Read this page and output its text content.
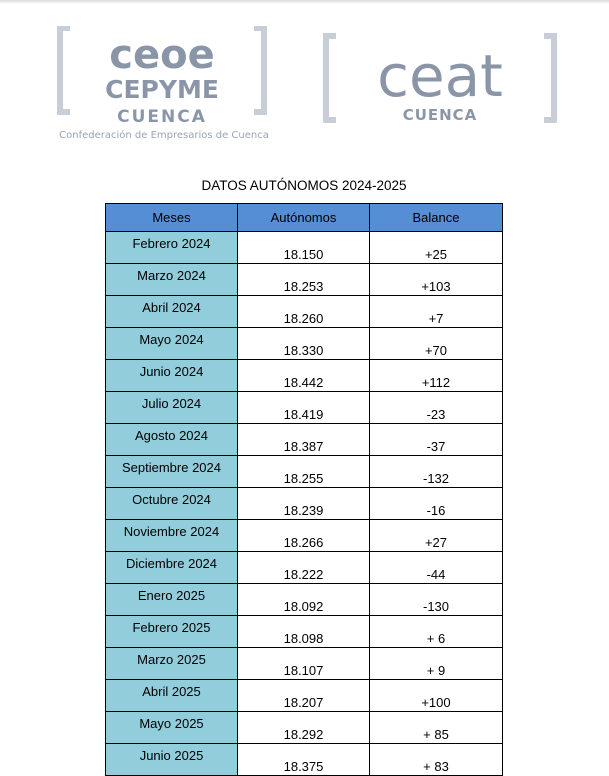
ceoe
CEPYME
CUENCA
Confederación de Empresarios de Cuenca
ceat
CUENCA
DATOS AUTÓNOMOS 2024-2025
Meses	Autónomos	Balance
Febrero 2024	18.150	+25
Marzo 2024	18.253	+103
Abril 2024	18.260	+7
Mayo 2024	18.330	+70
Junio 2024	18.442	+112
Julio 2024	18.419	-23
Agosto 2024	18.387	-37
Septiembre 2024	18.255	-132
Octubre 2024	18.239	-16
Noviembre 2024	18.266	+27
Diciembre 2024	18.222	-44
Enero 2025	18.092	-130
Febrero 2025	18.098	+ 6
Marzo 2025	18.107	+ 9
Abril 2025	18.207	+100
Mayo 2025	18.292	+ 85
Junio 2025	18.375	+ 83
